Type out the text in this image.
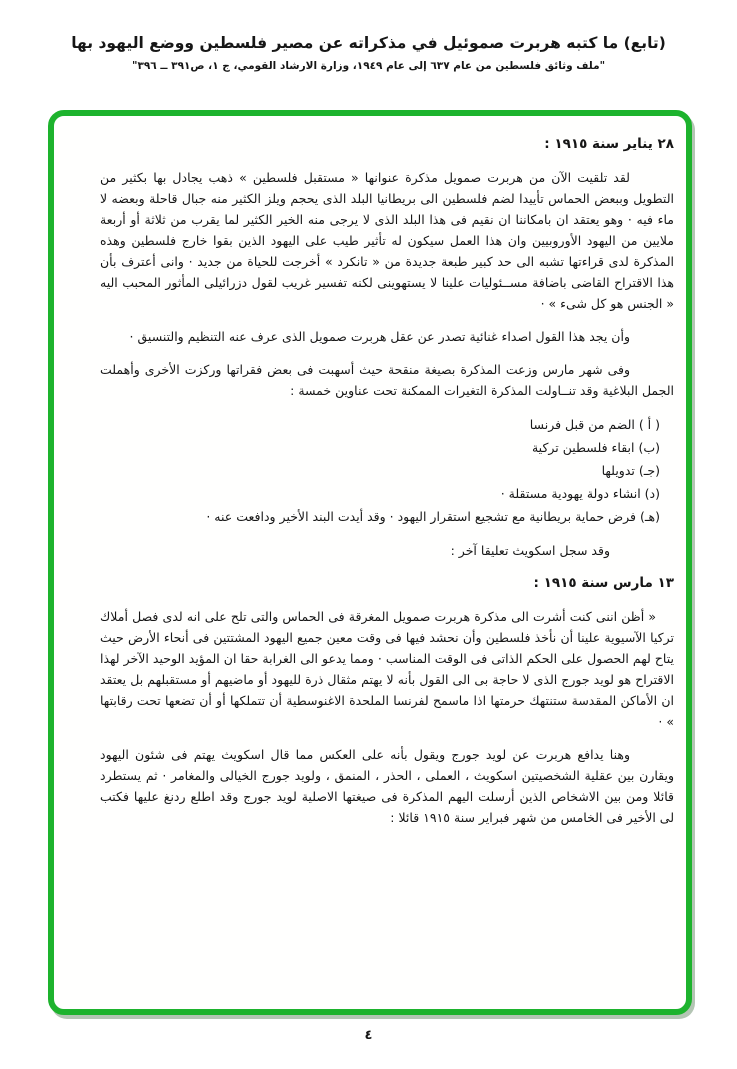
(تابع) ما كتبه هربرت صموئيل في مذكراته عن مصير فلسطين ووضع اليهود بها
"ملف وثائق فلسطين من عام ٦٣٧ إلى عام ١٩٤٩، وزارة الارشاد القومي، ج ١، ص٣٩١ ــ ٣٩٦"
٢٨ يناير سنة ١٩١٥ :

لقد تلقيت الآن من هربرت صمويل مذكرة عنوانها « مستقبل فلسطين » ذهب يجادل بها بكثير من التطويل وببعض الحماس تأييدا لضم فلسطين الى بريطانيا البلد الذى يحجم ويلز الكثير منه جبال قاحلة وبعضه لا ماء فيه · وهو يعتقد ان بامكاننا ان نقيم فى هذا البلد الذى لا يرجى منه الخير الكثير لما يقرب من ثلاثة أو أربعة ملايين من اليهود الأوروبيين وان هذا العمل سيكون له تأثير طيب على اليهود الذين بقوا خارج فلسطين وهذه المذكرة لدى قراءتها تشبه الى حد كبير طبعة جديدة من « تانكرد » أخرجت للحياة من جديد · وانى أعترف بأن هذا الاقتراح القاضى باضافة مســئوليات علينا لا يستهوينى لكنه تفسير غريب لقول دزرائيلى المأثور المحبب اليه « الجنس هو كل شىء » ·

وأن يجد هذا القول اصداء غنائية تصدر عن عقل هربرت صمويل الذى عرف عنه التنظيم والتنسيق ·

وفى شهر مارس وزعت المذكرة بصيغة منقحة حيث أسهبت فى بعض فقراتها وركزت الأخرى وأهملت الجمل البلاغية وقد تنــاولت المذكرة التغيرات الممكنة تحت عناوين خمسة :

( أ ) الضم من قبل فرنسا
(ب) ابقاء فلسطين تركية
(جـ) تدويلها
(د) انشاء دولة يهودية مستقلة ·
(هـ) فرض حماية بريطانية مع تشجيع استقرار اليهود · وقد أيدت البند الأخير ودافعت عنه ·

وقد سجل اسكويث تعليقا آخر :

١٣ مارس سنة ١٩١٥ :

« أظن اننى كنت أشرت الى مذكرة هربرت صمويل المغرقة فى الحماس والتى تلح على انه لدى فصل أملاك تركيا الآسيوية علينا أن نأخذ فلسطين وأن نحشد فيها فى وقت معين جميع اليهود المشتتين فى أنحاء الأرض حيث يتاح لهم الحصول على الحكم الذاتى فى الوقت المناسب · ومما يدعو الى الغرابة حقا ان المؤيد الوحيد الآخر لهذا الاقتراح هو لويد جورج الذى لا حاجة بى الى القول بأنه لا يهتم مثقال ذرة لليهود أو ماضيهم أو مستقبلهم بل يعتقد ان الأماكن المقدسة ستنتهك حرمتها اذا ماسمح لفرنسا الملحدة الاغنوسطية أن تتملكها أو أن تضعها تحت رقابتها » ·

وهنا يدافع هربرت عن لويد جورج ويقول بأنه على العكس مما قال اسكويث يهتم فى شئون اليهود ويقارن بين عقلية الشخصيتين اسكويث ، العملى ، الحذر ، المنمق ، ولويد جورج الخيالى والمغامر · ثم يستطرد قائلا ومن بين الاشخاص الذين أرسلت اليهم المذكرة فى صيغتها الاصلية لويد جورج وقد اطلع ردنغ عليها فكتب لى الأخير فى الخامس من شهر فبراير سنة ١٩١٥ قائلا :

٤
